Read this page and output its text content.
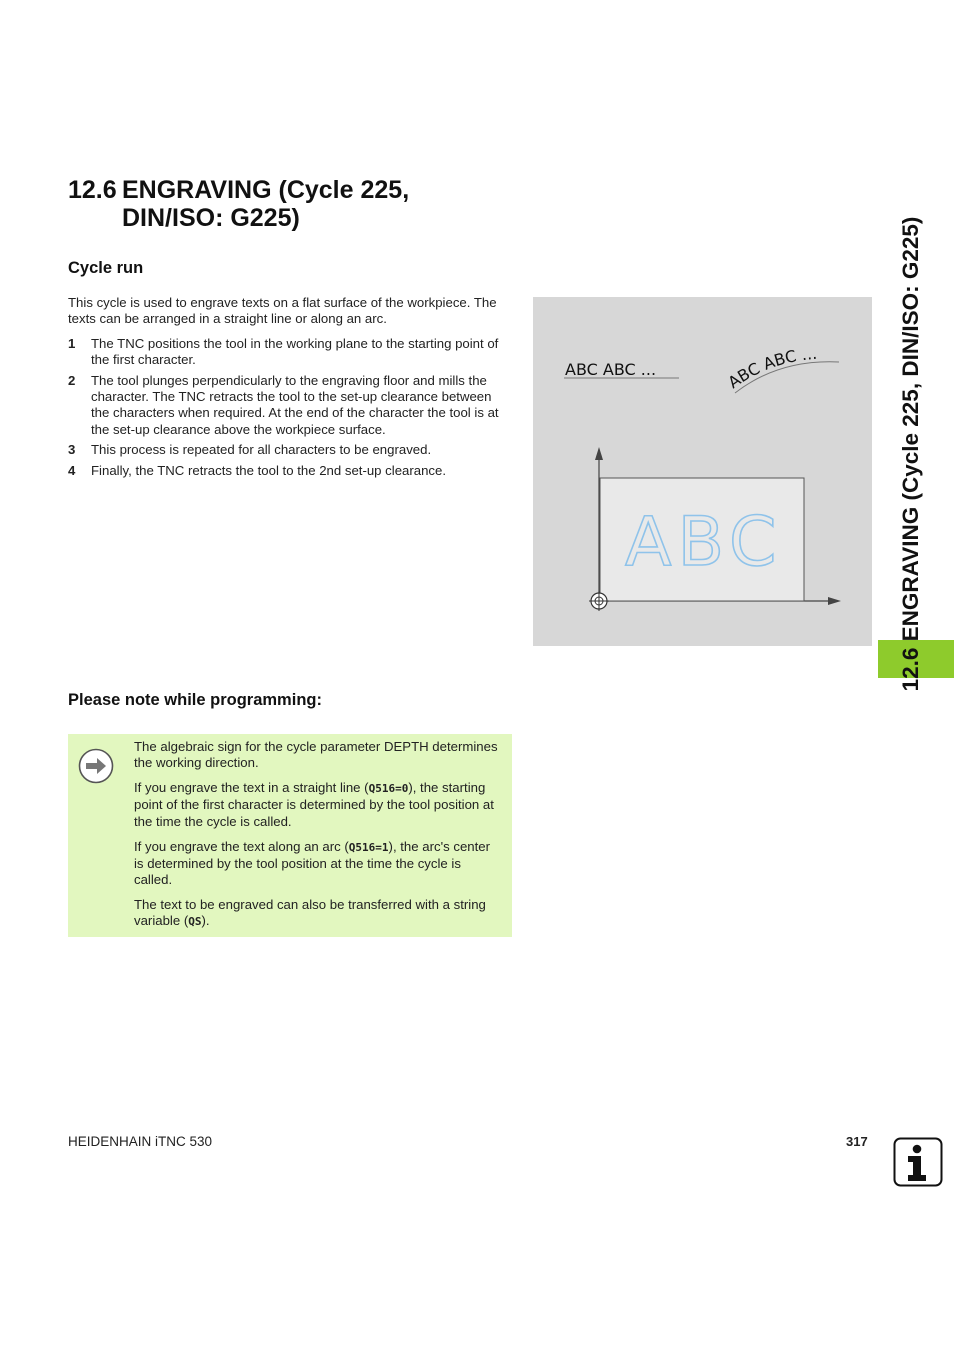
12.6 ENGRAVING (Cycle 225,
DIN/ISO: G225)
Cycle run

This cycle is used to engrave texts on a flat surface of the workpiece. The texts can be arranged in a straight line or along an arc.

1	The TNC positions the tool in the working plane to the starting point of the first character.
2	The tool plunges perpendicularly to the engraving floor and mills the character. The TNC retracts the tool to the set-up clearance between the characters when required. At the end of the character the tool is at the set-up clearance above the workpiece surface.
3	This process is repeated for all characters to be engraved.
4	Finally, the TNC retracts the tool to the 2nd set-up clearance.
ABC ABC ...
ABC ABC ...
ABC	12.6 ENGRAVING (Cycle 225, DIN/ISO: G225)
Please note while programming:

The algebraic sign for the cycle parameter DEPTH determines the working direction.

If you engrave the text in a straight line (Q516=0), the starting point of the first character is determined by the tool position at the time the cycle is called.

If you engrave the text along an arc (Q516=1), the arc's center is determined by the tool position at the time the cycle is called.

The text to be engraved can also be transferred with a string variable (QS).

HEIDENHAIN iTNC 530	317
